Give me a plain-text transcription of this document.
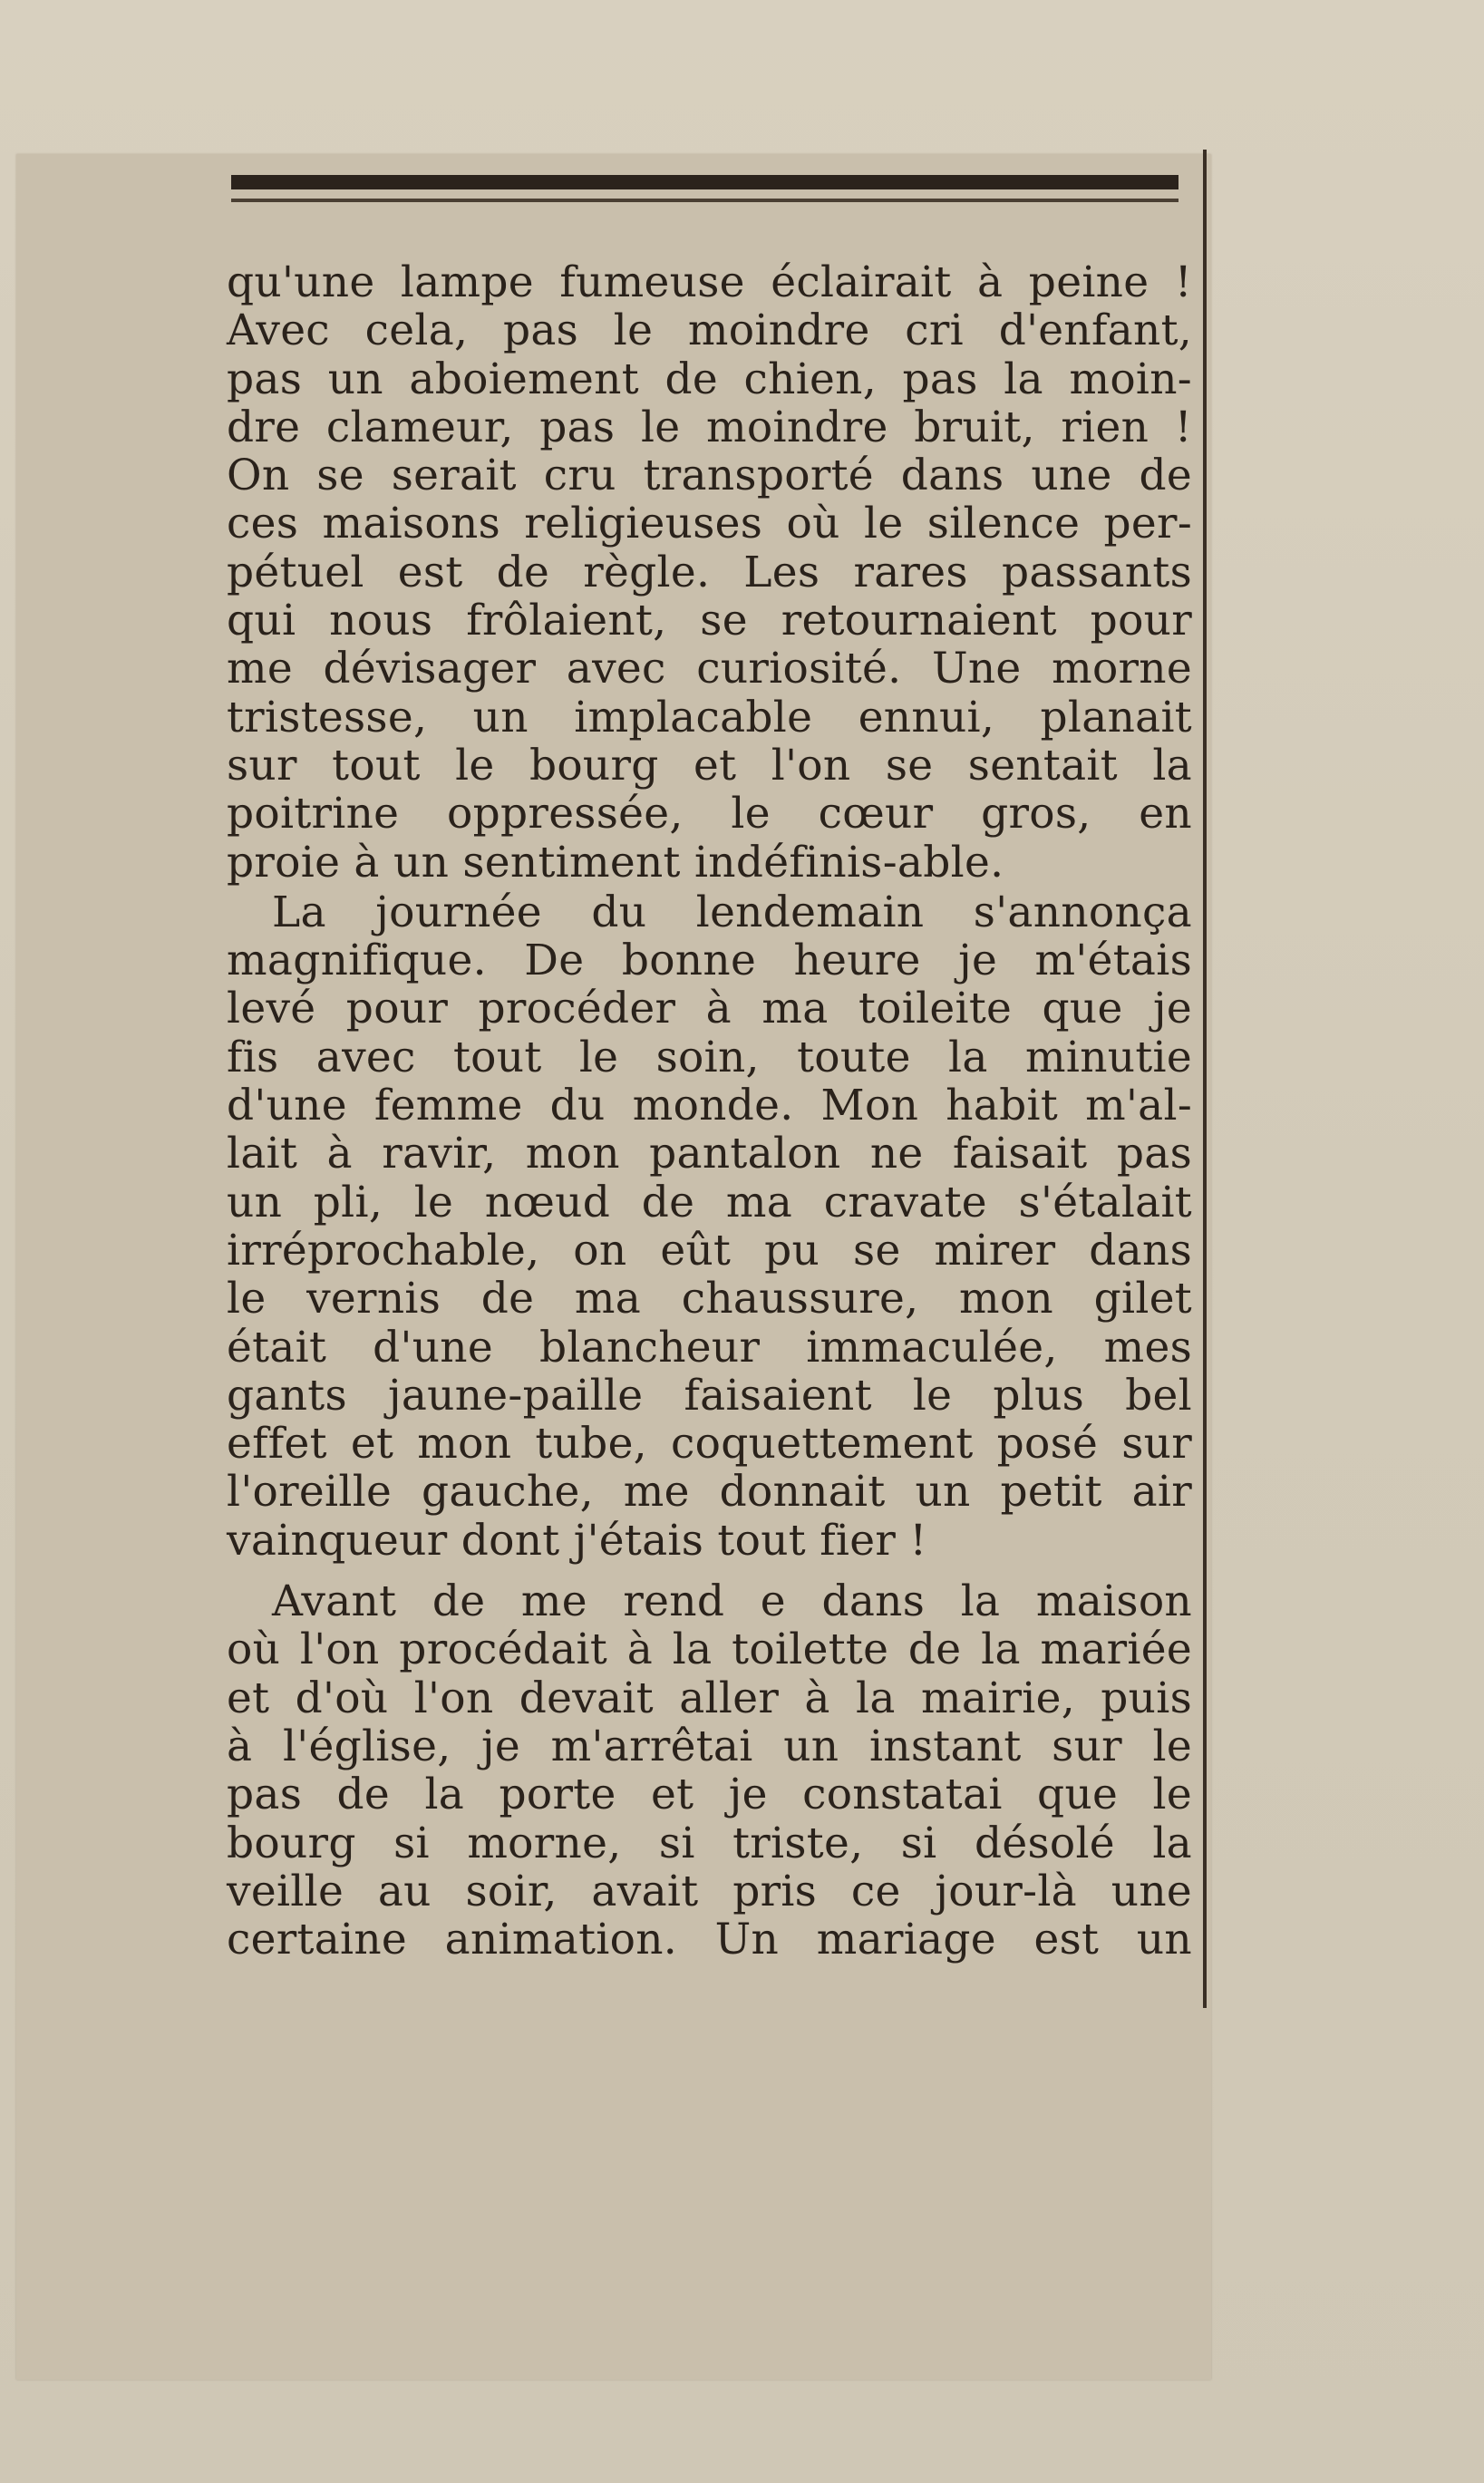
qu'une lampe fumeuse éclairait à peine !
Avec cela, pas le moindre cri d'enfant,
pas un aboiement de chien, pas la moin-
dre clameur, pas le moindre bruit, rien !
On se serait cru transporté dans une de
ces maisons religieuses où le silence per-
pétuel est de règle. Les rares passants
qui nous frôlaient, se retournaient pour
me dévisager avec curiosité. Une morne
tristesse, un implacable ennui, planait
sur tout le bourg et l'on se sentait la
poitrine oppressée, le cœur gros, en
proie à un sentiment indéfinis-able.
La journée du lendemain s'annonça
magnifique. De bonne heure je m'étais
levé pour procéder à ma toileite que je
fis avec tout le soin, toute la minutie
d'une femme du monde. Mon habit m'al-
lait à ravir, mon pantalon ne faisait pas
un pli, le nœud de ma cravate s'étalait
irréprochable, on eût pu se mirer dans
le vernis de ma chaussure, mon gilet
était d'une blancheur immaculée, mes
gants jaune-paille faisaient le plus bel
effet et mon tube, coquettement posé sur
l'oreille gauche, me donnait un petit air
vainqueur dont j'étais tout fier !
Avant de me rend e dans la maison
où l'on procédait à la toilette de la mariée
et d'où l'on devait aller à la mairie, puis
à l'église, je m'arrêtai un instant sur le
pas de la porte et je constatai que le
bourg si morne, si triste, si désolé la
veille au soir, avait pris ce jour-là une
certaine animation. Un mariage est un
